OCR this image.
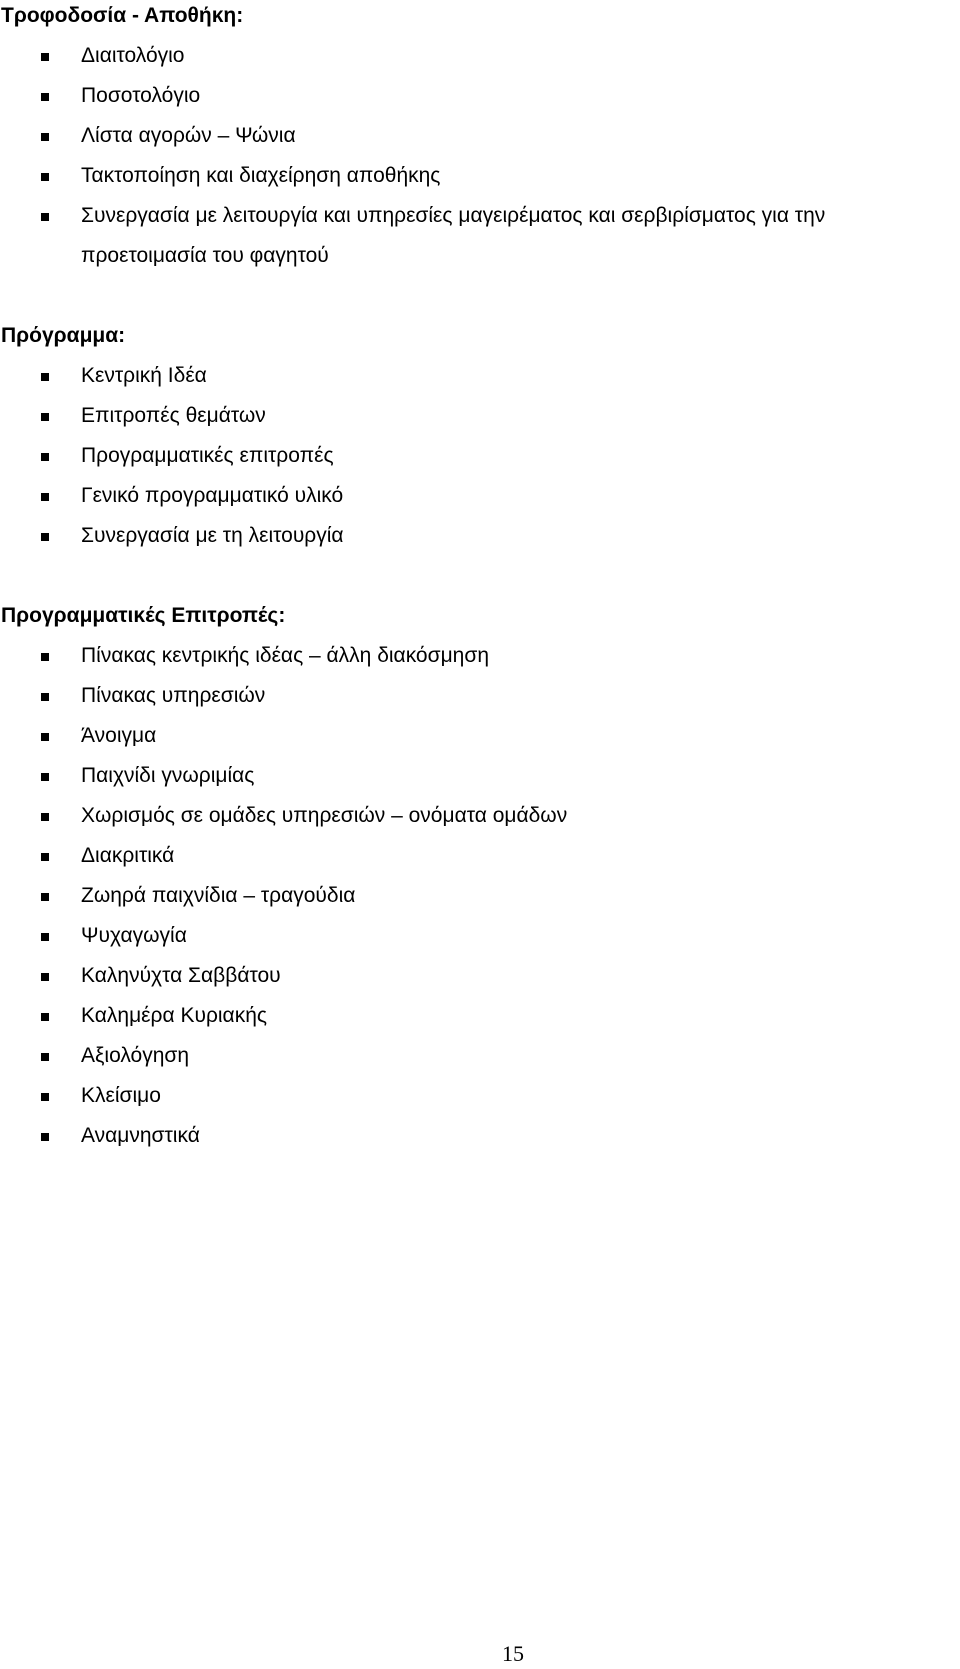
Τροφοδοσία - Αποθήκη:
Διαιτολόγιο
Ποσοτολόγιο
Λίστα αγορών – Ψώνια
Τακτοποίηση και διαχείρηση αποθήκης
Συνεργασία με λειτουργία και υπηρεσίες μαγειρέματος και σερβιρίσματος για την
προετοιμασία του φαγητού
Πρόγραμμα:
Κεντρική Ιδέα
Επιτροπές θεμάτων
Προγραμματικές επιτροπές
Γενικό προγραμματικό υλικό
Συνεργασία με τη λειτουργία
Προγραμματικές Επιτροπές:
Πίνακας κεντρικής ιδέας – άλλη διακόσμηση
Πίνακας υπηρεσιών
Άνοιγμα
Παιχνίδι γνωριμίας
Χωρισμός σε ομάδες υπηρεσιών – ονόματα ομάδων
Διακριτικά
Ζωηρά παιχνίδια – τραγούδια
Ψυχαγωγία
Καληνύχτα Σαββάτου
Καλημέρα Κυριακής
Αξιολόγηση
Κλείσιμο
Αναμνηστικά
15
